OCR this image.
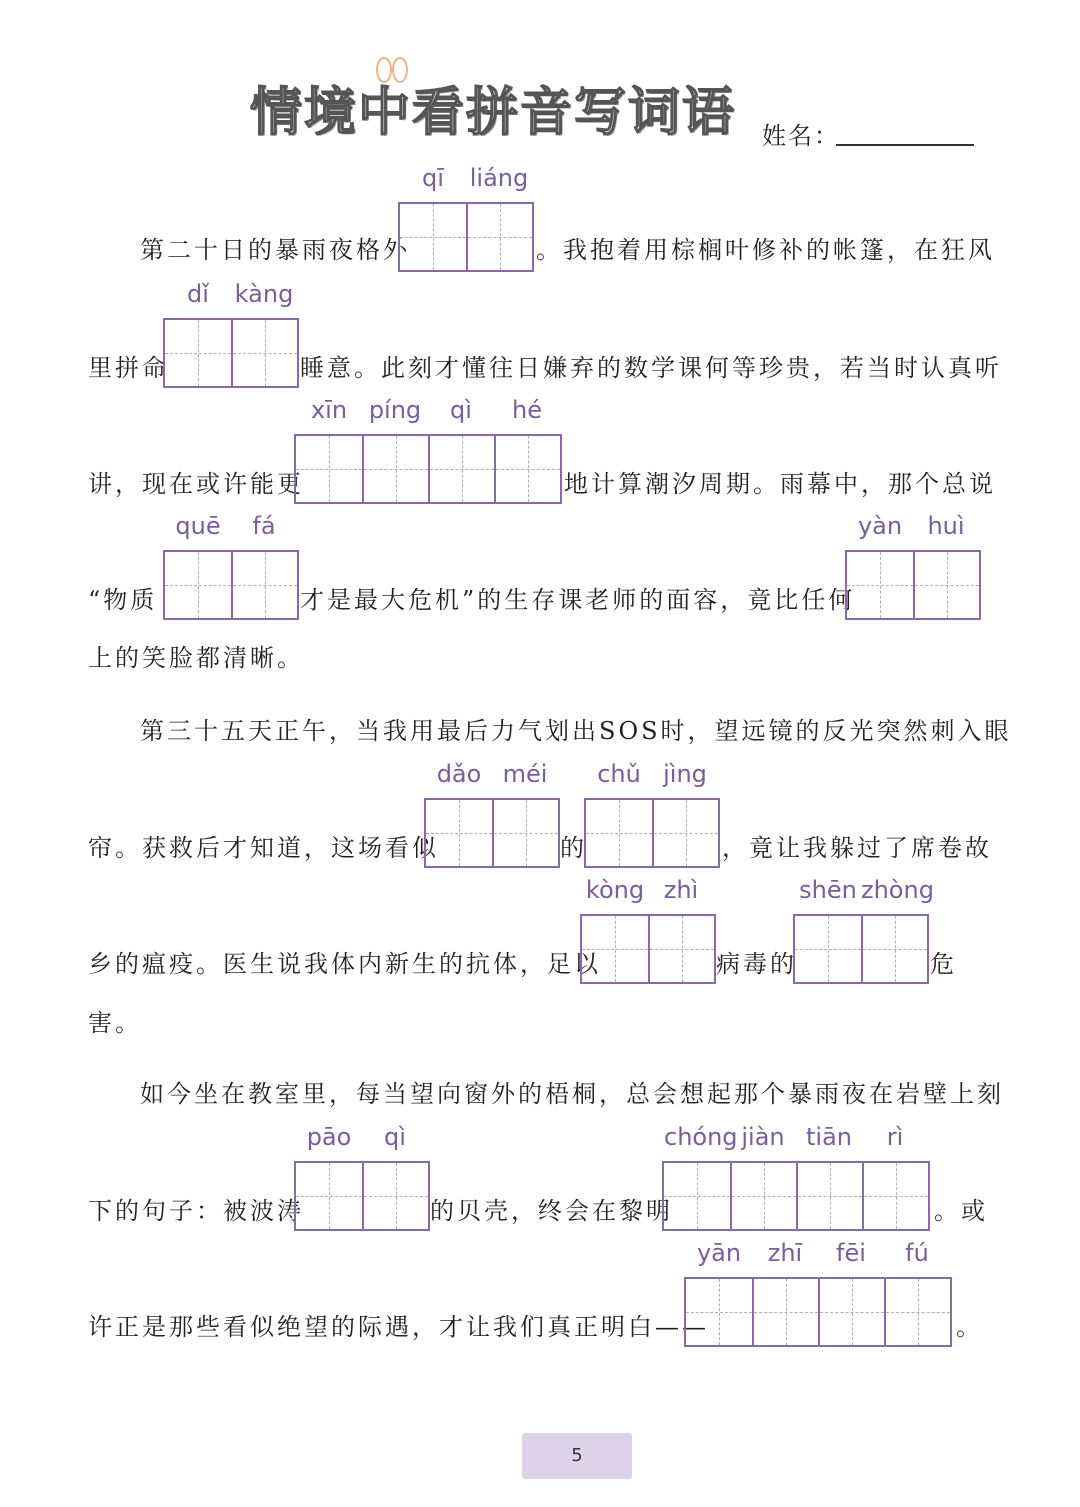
情境中看拼音写词语 姓名：
第二十日的暴雨夜格外	。我抱着用棕榈叶修补的帐篷，在狂风
里拼命	睡意。此刻才懂往日嫌弃的数学课何等珍贵，若当时认真听
讲，现在或许能更	地计算潮汐周期。雨幕中，那个总说
“物质	才是最大危机”的生存课老师的面容，竟比任何
上的笑脸都清晰。
第三十五天正午，当我用最后力气划出SOS时，望远镜的反光突然刺入眼
帘。获救后才知道，这场看似	的	，竟让我躲过了席卷故
乡的瘟疫。医生说我体内新生的抗体，足以	病毒的	危
害。
如今坐在教室里，每当望向窗外的梧桐，总会想起那个暴雨夜在岩壁上刻
下的句子：被波涛	的贝壳，终会在黎明	。或
许正是那些看似绝望的际遇，才让我们真正明白——	。
5
qī	liáng
dǐ	kàng
xīn píng	qì	hé
quē	fá	yàn	huì
dǎo méi	chǔ jìng
kòng zhì	shēn zhòng
pāo	qì	chóng jiàn tiān	rì
yān	zhī	fēi	fú
